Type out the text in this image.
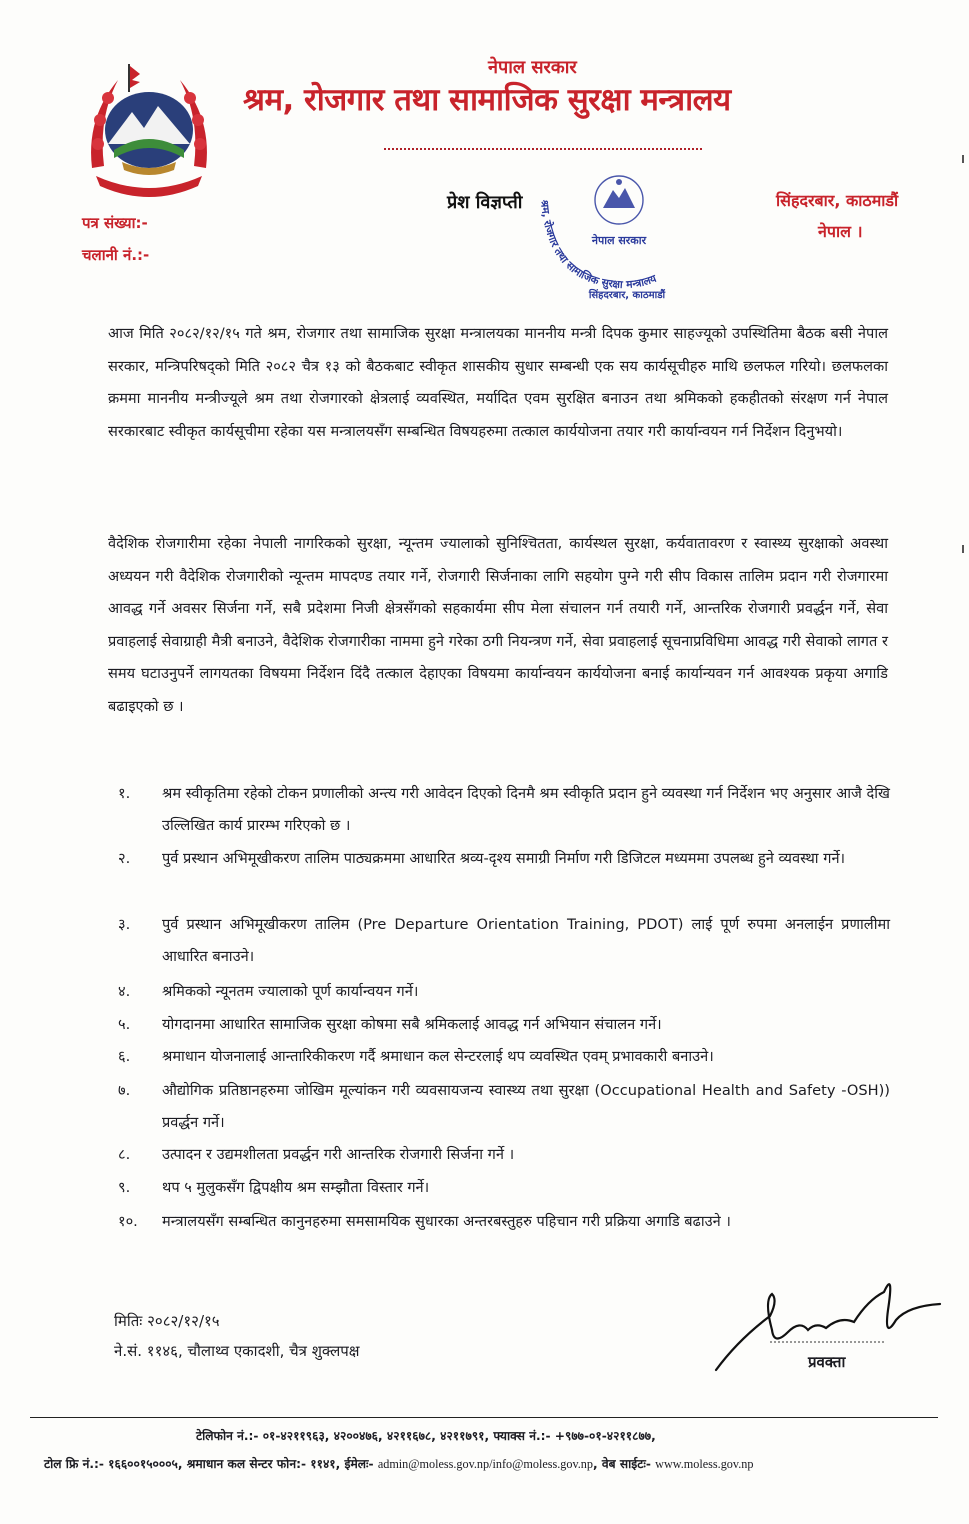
नेपाल सरकार
श्रम, रोजगार तथा सामाजिक सुरक्षा मन्त्रालय
पत्र संख्या:-
चलानी नं.:-
प्रेश विज्ञप्ती
नेपाल सरकार
श्रम, रोजगार तथा सामाजिक सुरक्षा मन्त्रालय
सिंहदरबार, काठमाडौं
सिंहदरबार, काठमाडौं
नेपाल ।
आज मिति २०८२/१२/१५ गते श्रम, रोजगार तथा सामाजिक सुरक्षा मन्त्रालयका माननीय मन्त्री दिपक कुमार साहज्यूको उपस्थितिमा बैठक बसी नेपाल सरकार, मन्त्रिपरिषद्को मिति २०८२ चैत्र १३ को बैठकबाट स्वीकृत शासकीय सुधार सम्बन्धी एक सय कार्यसूचीहरु माथि छलफल गरियो। छलफलका क्रममा माननीय मन्त्रीज्यूले श्रम तथा रोजगारको क्षेत्रलाई व्यवस्थित, मर्यादित एवम सुरक्षित बनाउन तथा श्रमिकको हकहीतको संरक्षण गर्न नेपाल सरकारबाट स्वीकृत कार्यसूचीमा रहेका यस मन्त्रालयसँग सम्बन्धित विषयहरुमा तत्काल कार्ययोजना तयार गरी कार्यान्वयन गर्न निर्देशन दिनुभयो।
वैदेशिक रोजगारीमा रहेका नेपाली नागरिकको सुरक्षा, न्यून्तम ज्यालाको सुनिश्चितता, कार्यस्थल सुरक्षा, कर्यवातावरण र स्वास्थ्य सुरक्षाको अवस्था अध्ययन गरी वैदेशिक रोजगारीको न्यून्तम मापदण्ड तयार गर्ने, रोजगारी सिर्जनाका लागि सहयोग पुग्ने गरी सीप विकास तालिम प्रदान गरी रोजगारमा आवद्ध गर्ने अवसर सिर्जना गर्ने, सबै प्रदेशमा निजी क्षेत्रसँगको सहकार्यमा सीप मेला संचालन गर्न तयारी गर्ने, आन्तरिक रोजगारी प्रवर्द्धन गर्ने, सेवा प्रवाहलाई सेवाग्राही मैत्री बनाउने, वैदेशिक रोजगारीका नाममा हुने गरेका ठगी नियन्त्रण गर्ने, सेवा प्रवाहलाई सूचनाप्रविधिमा आवद्ध गरी सेवाको लागत र समय घटाउनुपर्ने लागयतका विषयमा निर्देशन दिंदै तत्काल देहाएका विषयमा कार्यान्वयन कार्ययोजना बनाई कार्यान्यवन गर्न आवश्यक प्रकृया अगाडि बढाइएको छ ।
१.	श्रम स्वीकृतिमा रहेको टोकन प्रणालीको अन्त्य गरी आवेदन दिएको दिनमै श्रम स्वीकृति प्रदान हुने व्यवस्था गर्न निर्देशन भए अनुसार आजै देखि उल्लिखित कार्य प्रारम्भ गरिएको छ ।
२.	पुर्व प्रस्थान अभिमूखीकरण तालिम पाठ्यक्रममा आधारित श्रव्य-दृश्य समाग्री निर्माण गरी डिजिटल मध्यममा उपलब्ध हुने व्यवस्था गर्ने।
३.	पुर्व प्रस्थान अभिमूखीकरण तालिम (Pre Departure Orientation Training, PDOT) लाई पूर्ण रुपमा अनलाईन प्रणालीमा आधारित बनाउने।
४.	श्रमिकको न्यूनतम ज्यालाको पूर्ण कार्यान्वयन गर्ने।
५.	योगदानमा आधारित सामाजिक सुरक्षा कोषमा सबै श्रमिकलाई आवद्ध गर्न अभियान संचालन गर्ने।
६.	श्रमाधान योजनालाई आन्तारिकीकरण गर्दै श्रमाधान कल सेन्टरलाई थप व्यवस्थित एवम् प्रभावकारी बनाउने।
७.	औद्योगिक प्रतिष्ठानहरुमा जोखिम मूल्यांकन गरी व्यवसायजन्य स्वास्थ्य तथा सुरक्षा (Occupational Health and Safety -OSH)) प्रवर्द्धन गर्ने।
८.	उत्पादन र उद्यमशीलता प्रवर्द्धन गरी आन्तरिक रोजगारी सिर्जना गर्ने ।
९.	थप ५ मुलुकसँग द्विपक्षीय श्रम सम्झौता विस्तार गर्ने।
१०.	मन्त्रालयसँग सम्बन्धित कानुनहरुमा समसामयिक सुधारका अन्तरबस्तुहरु पहिचान गरी प्रक्रिया अगाडि बढाउने ।
मितिः २०८२/१२/१५
ने.सं. ११४६, चौलाथ्व एकादशी, चैत्र शुक्लपक्ष
प्रवक्ता
टेलिफोन नं.:- ०१-४२११९६३, ४२००४७६, ४२११६७८, ४२११७९१, फ्याक्स नं.:- +९७७-०१-४२११८७७,
टोल फ्रि नं.:- १६६००१५०००५, श्रमाधान कल सेन्टर फोन:- ११४१, ईमेलः- admin@moless.gov.np/info@moless.gov.np, वेब साईटः- www.moless.gov.np
